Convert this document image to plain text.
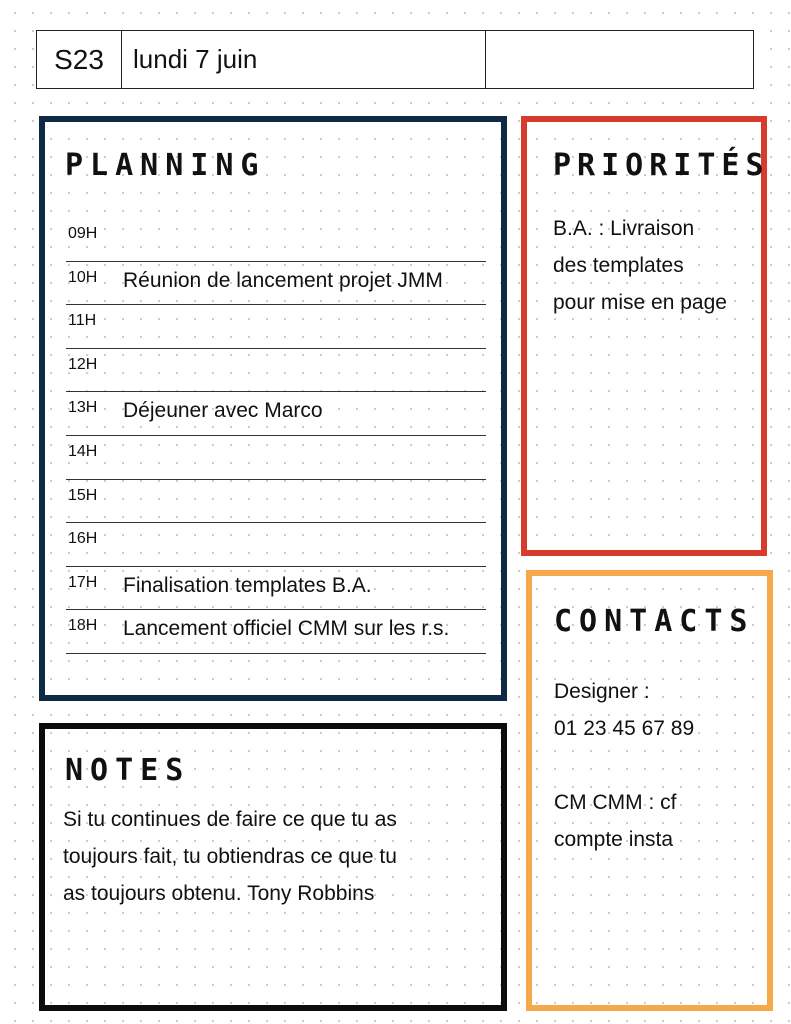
S23	lundi 7 juin
PLANNING
09H
10H Réunion de lancement projet JMM
11H
12H
13H Déjeuner avec Marco
14H
15H
16H
17H Finalisation templates B.A.
18H Lancement officiel CMM sur les r.s.
PRIORITÉS
B.A. : Livraison
des templates
pour mise en page
CONTACTS
Designer :
01 23 45 67 89

CM CMM : cf
compte insta
NOTES
Si tu continues de faire ce que tu as
toujours fait, tu obtiendras ce que tu
as toujours obtenu. Tony Robbins
